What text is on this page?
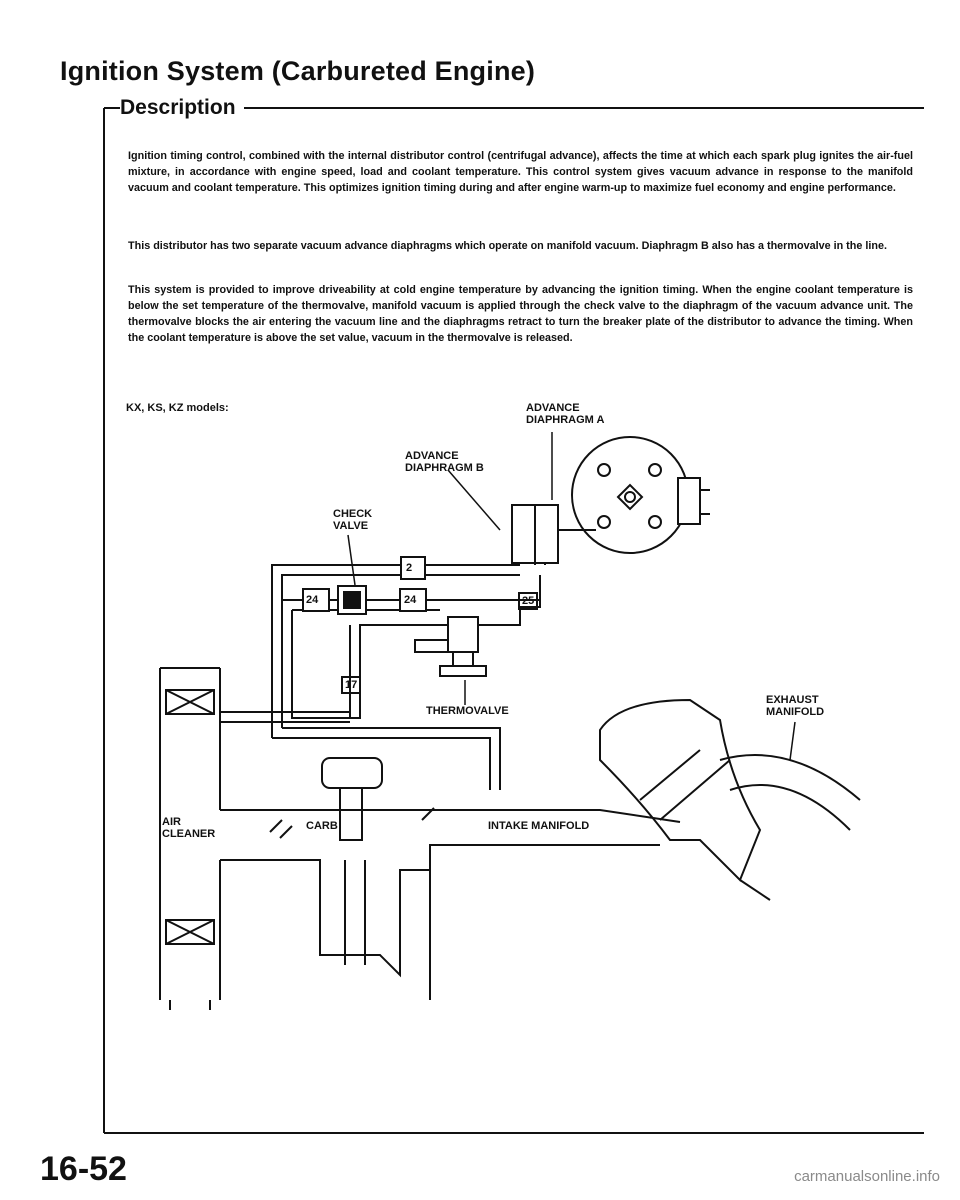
Ignition System (Carbureted Engine)
Description

Ignition timing control, combined with the internal distributor control (centrifugal advance), affects the time at which each spark plug ignites the air-fuel mixture, in accordance with engine speed, load and coolant temperature. This control system gives vacuum advance in response to the manifold vacuum and coolant temperature. This optimizes ignition timing during and after engine warm-up to maximize fuel economy and engine performance.

This distributor has two separate vacuum advance diaphragms which operate on manifold vacuum. Diaphragm B also has a thermovalve in the line.

This system is provided to improve driveability at cold engine temperature by advancing the ignition timing. When the engine coolant temperature is below the set temperature of the thermovalve, manifold vacuum is applied through the check valve to the diaphragm of the vacuum advance unit. The thermovalve blocks the air entering the vacuum line and the diaphragms retract to turn the breaker plate of the distributor to advance the timing. When the coolant temperature is above the set value, vacuum in the thermovalve is released.

KX, KS, KZ models:	ADVANCE
DIAPHRAGM A
ADVANCE
DIAPHRAGM B
CHECK
VALVE
THERMOVALVE
EXHAUST
MANIFOLD
AIR
CLEANER
CARB	INTAKE MANIFOLD
2
24	24	25
17
16-52	carmanualsonline.info
